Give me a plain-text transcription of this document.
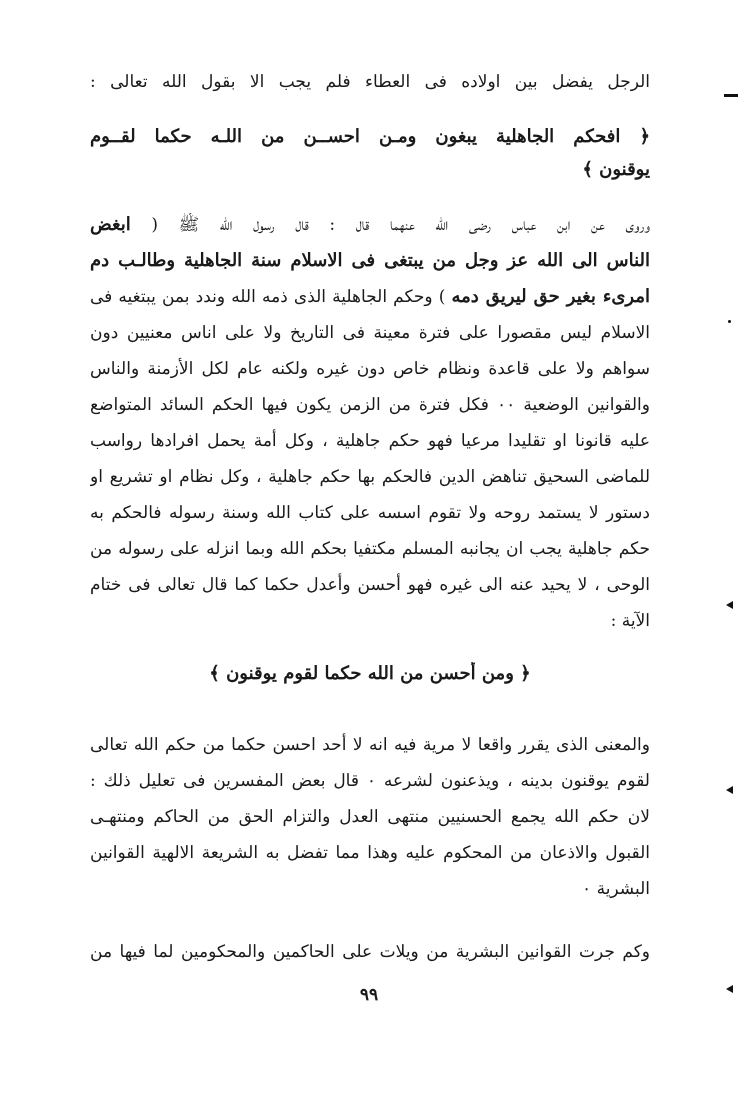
الرجل يفضل بين اولاده فى العطاء فلم يجب الا بقول الله تعالى :
﴿ افحكم الجاهلية يبغون ومـن احســن من اللـه حكما لقــوم
يوقنون ﴾
وروى عن ابن عباس رضى الله عنهما قال : قال رسول الله ﷺ ( ابغض
الناس الى الله عز وجل من يبتغى فى الاسلام سنة الجاهلية وطالـب دم
امرىء بغير حق ليريق دمه ) وحكم الجاهلية الذى ذمه الله وندد بمن يبتغيه فى
الاسلام ليس مقصورا على فترة معينة فى التاريخ ولا على اناس معنيين دون
سواهم ولا على قاعدة ونظام خاص دون غيره ولكنه عام لكل الأزمنة والناس
والقوانين الوضعية ٠٠ فكل فترة من الزمن يكون فيها الحكم السائد المتواضع
عليه قانونا او تقليدا مرعيا فهو حكم جاهلية ، وكل أمة يحمل افرادها رواسب
للماضى السحيق تناهض الدين فالحكم بها حكم جاهلية ، وكل نظام او تشريع او
دستور لا يستمد روحه ولا تقوم اسسه على كتاب الله وسنة رسوله فالحكم به
حكم جاهلية يجب ان يجانبه المسلم مكتفيا بحكم الله وبما انزله على رسوله من
الوحى ، لا يحيد عنه الى غيره فهو أحسن وأعدل حكما كما قال تعالى فى ختام
الآية :
﴿ ومن أحسن من الله حكما لقوم يوقنون ﴾
والمعنى الذى يقرر واقعا لا مرية فيه انه لا أحد احسن حكما من حكم الله تعالى
لقوم يوقنون بدينه ، ويذعنون لشرعه ٠ قال بعض المفسرين فى تعليل ذلك :
لان حكم الله يجمع الحسنيين منتهى العدل والتزام الحق من الحاكم ومنتهـى
القبول والاذعان من المحكوم عليه وهذا مما تفضل به الشريعة الالهية القوانين
البشرية ٠
وكم جرت القوانين البشرية من ويلات على الحاكمين والمحكومين لما فيها من
٩٩
